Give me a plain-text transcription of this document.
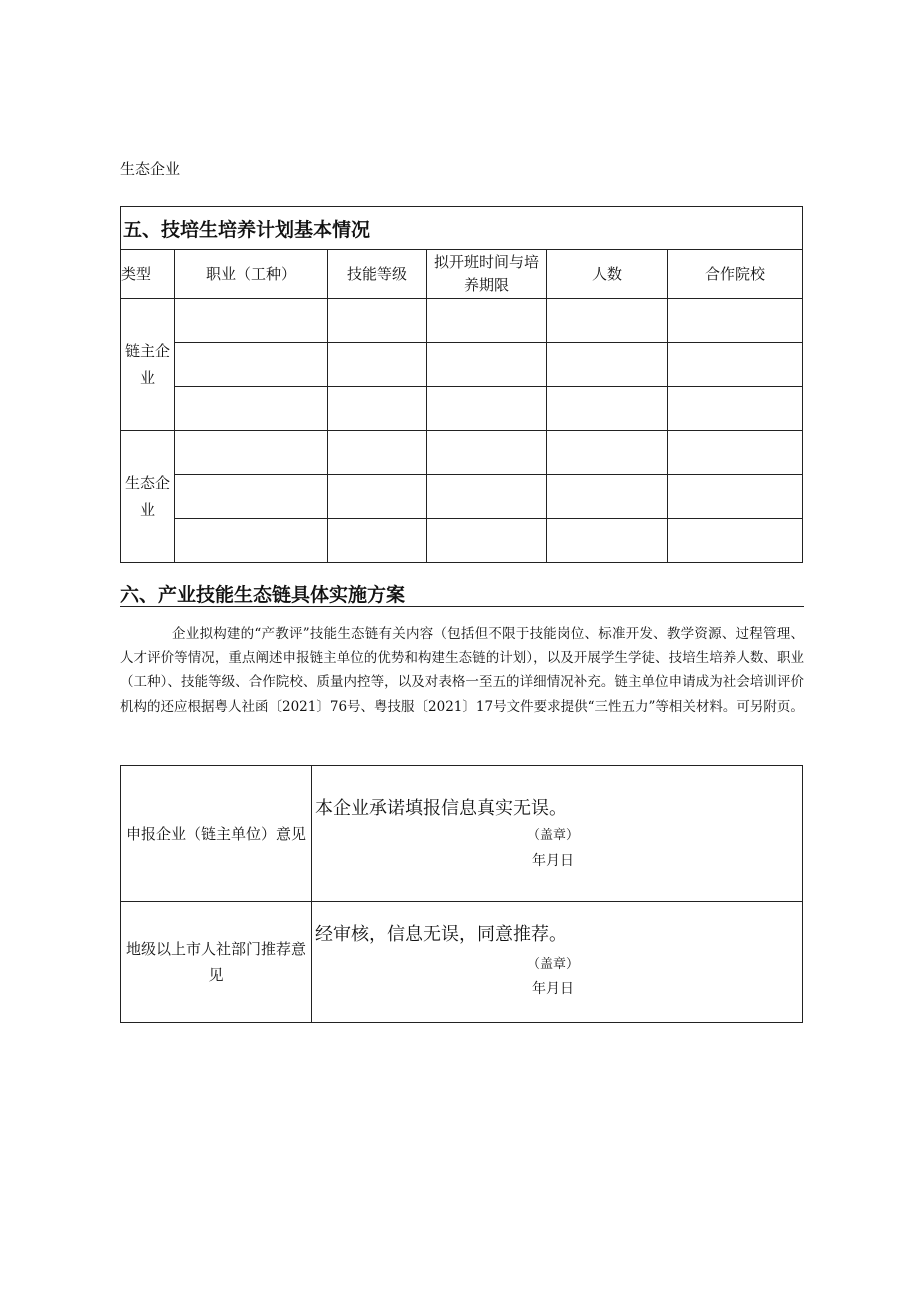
生态企业
五、技培生培养计划基本情况					
类型	职业（工种）	技能等级	拟开班时间与培养期限	人数	合作院校
链主企业					

生态企业					

六、产业技能生态链具体实施方案
企业拟构建的“产教评”技能生态链有关内容（包括但不限于技能岗位、标准开发、教学资源、过程管理、人才评价等情况，重点阐述申报链主单位的优势和构建生态链的计划），以及开展学生学徒、技培生培养人数、职业（工种）、技能等级、合作院校、质量内控等，以及对表格一至五的详细情况补充。链主单位申请成为社会培训评价机构的还应根据粤人社函〔2021〕76号、粤技服〔2021〕17号文件要求提供“三性五力”等相关材料。可另附页。
申报企业（链主单位）意见	本企业承诺填报信息真实无误。
（盖章）
年月日

地级以上市人社部门推荐意见	经审核，信息无误，同意推荐。
（盖章）
年月日
